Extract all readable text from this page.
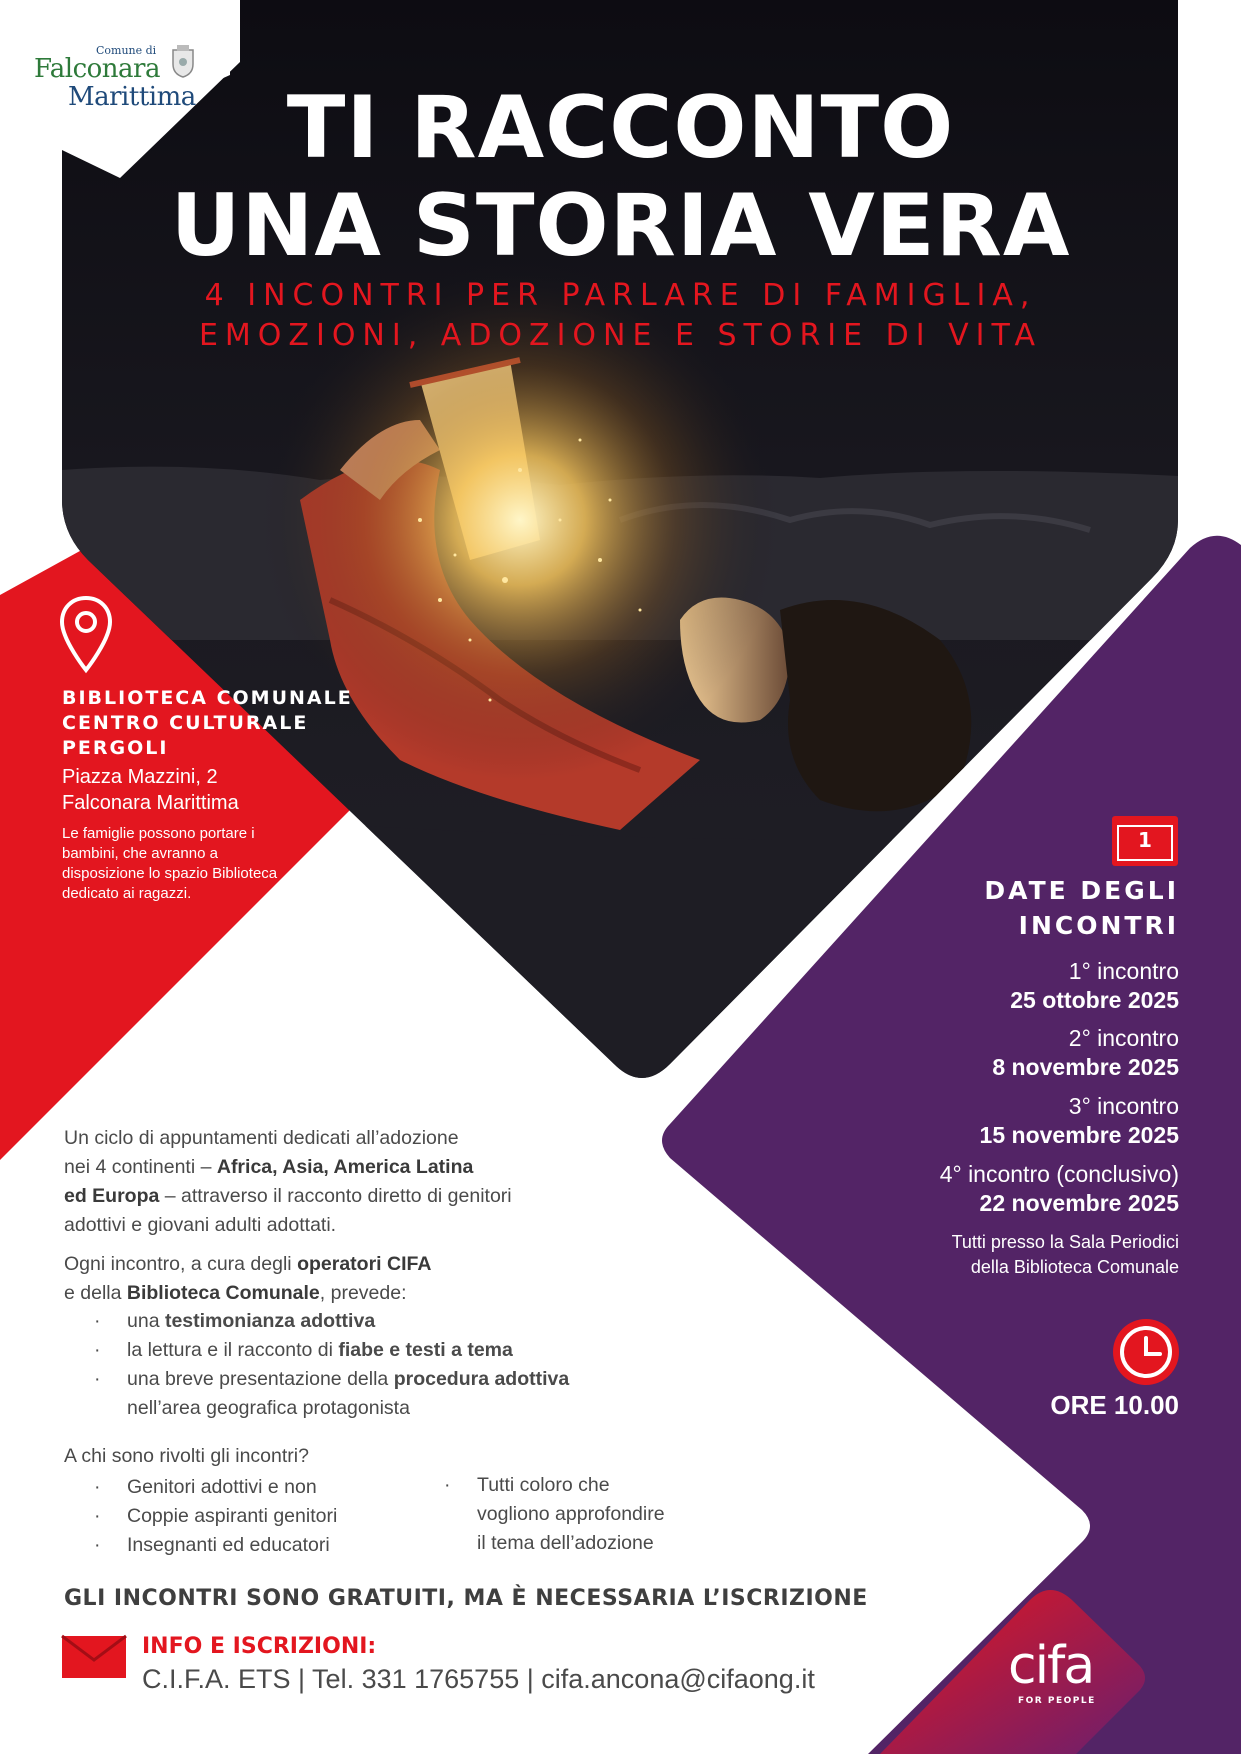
Comune di
Falconara
Marittima	TI RACCONTO
UNA STORIA VERA
4 INCONTRI PER PARLARE DI FAMIGLIA,
EMOZIONI, ADOZIONE E STORIE DI VITA
BIBLIOTECA COMUNALE CENTRO CULTURALE PERGOLI
Piazza Mazzini, 2
Falconara Marittima
Le famiglie possono portare i bambini, che avranno a disposizione lo spazio Biblioteca dedicato ai ragazzi.
1
DATE DEGLI
INCONTRI
1° incontro
25 ottobre 2025
2° incontro
8 novembre 2025
3° incontro
15 novembre 2025
4° incontro (conclusivo)
22 novembre 2025
Tutti presso la Sala Periodici
della Biblioteca Comunale
ORE 10.00
Un ciclo di appuntamenti dedicati all’adozione
nei 4 continenti – Africa, Asia, America Latina
ed Europa – attraverso il racconto diretto di genitori
adottivi e giovani adulti adottati.
Ogni incontro, a cura degli operatori CIFA
e della Biblioteca Comunale, prevede:
· una testimonianza adottiva
· la lettura e il racconto di fiabe e testi a tema
· una breve presentazione della procedura adottiva
nell’area geografica protagonista
A chi sono rivolti gli incontri?
· Genitori adottivi e non
· Coppie aspiranti genitori
· Insegnanti ed educatori
· Tutti coloro che
vogliono approfondire
il tema dell’adozione
GLI INCONTRI SONO GRATUITI, MA È NECESSARIA L’ISCRIZIONE
INFO E ISCRIZIONI:
C.I.F.A. ETS | Tel. 331 1765755 | cifa.ancona@cifaong.it	cifa
FOR PEOPLE
